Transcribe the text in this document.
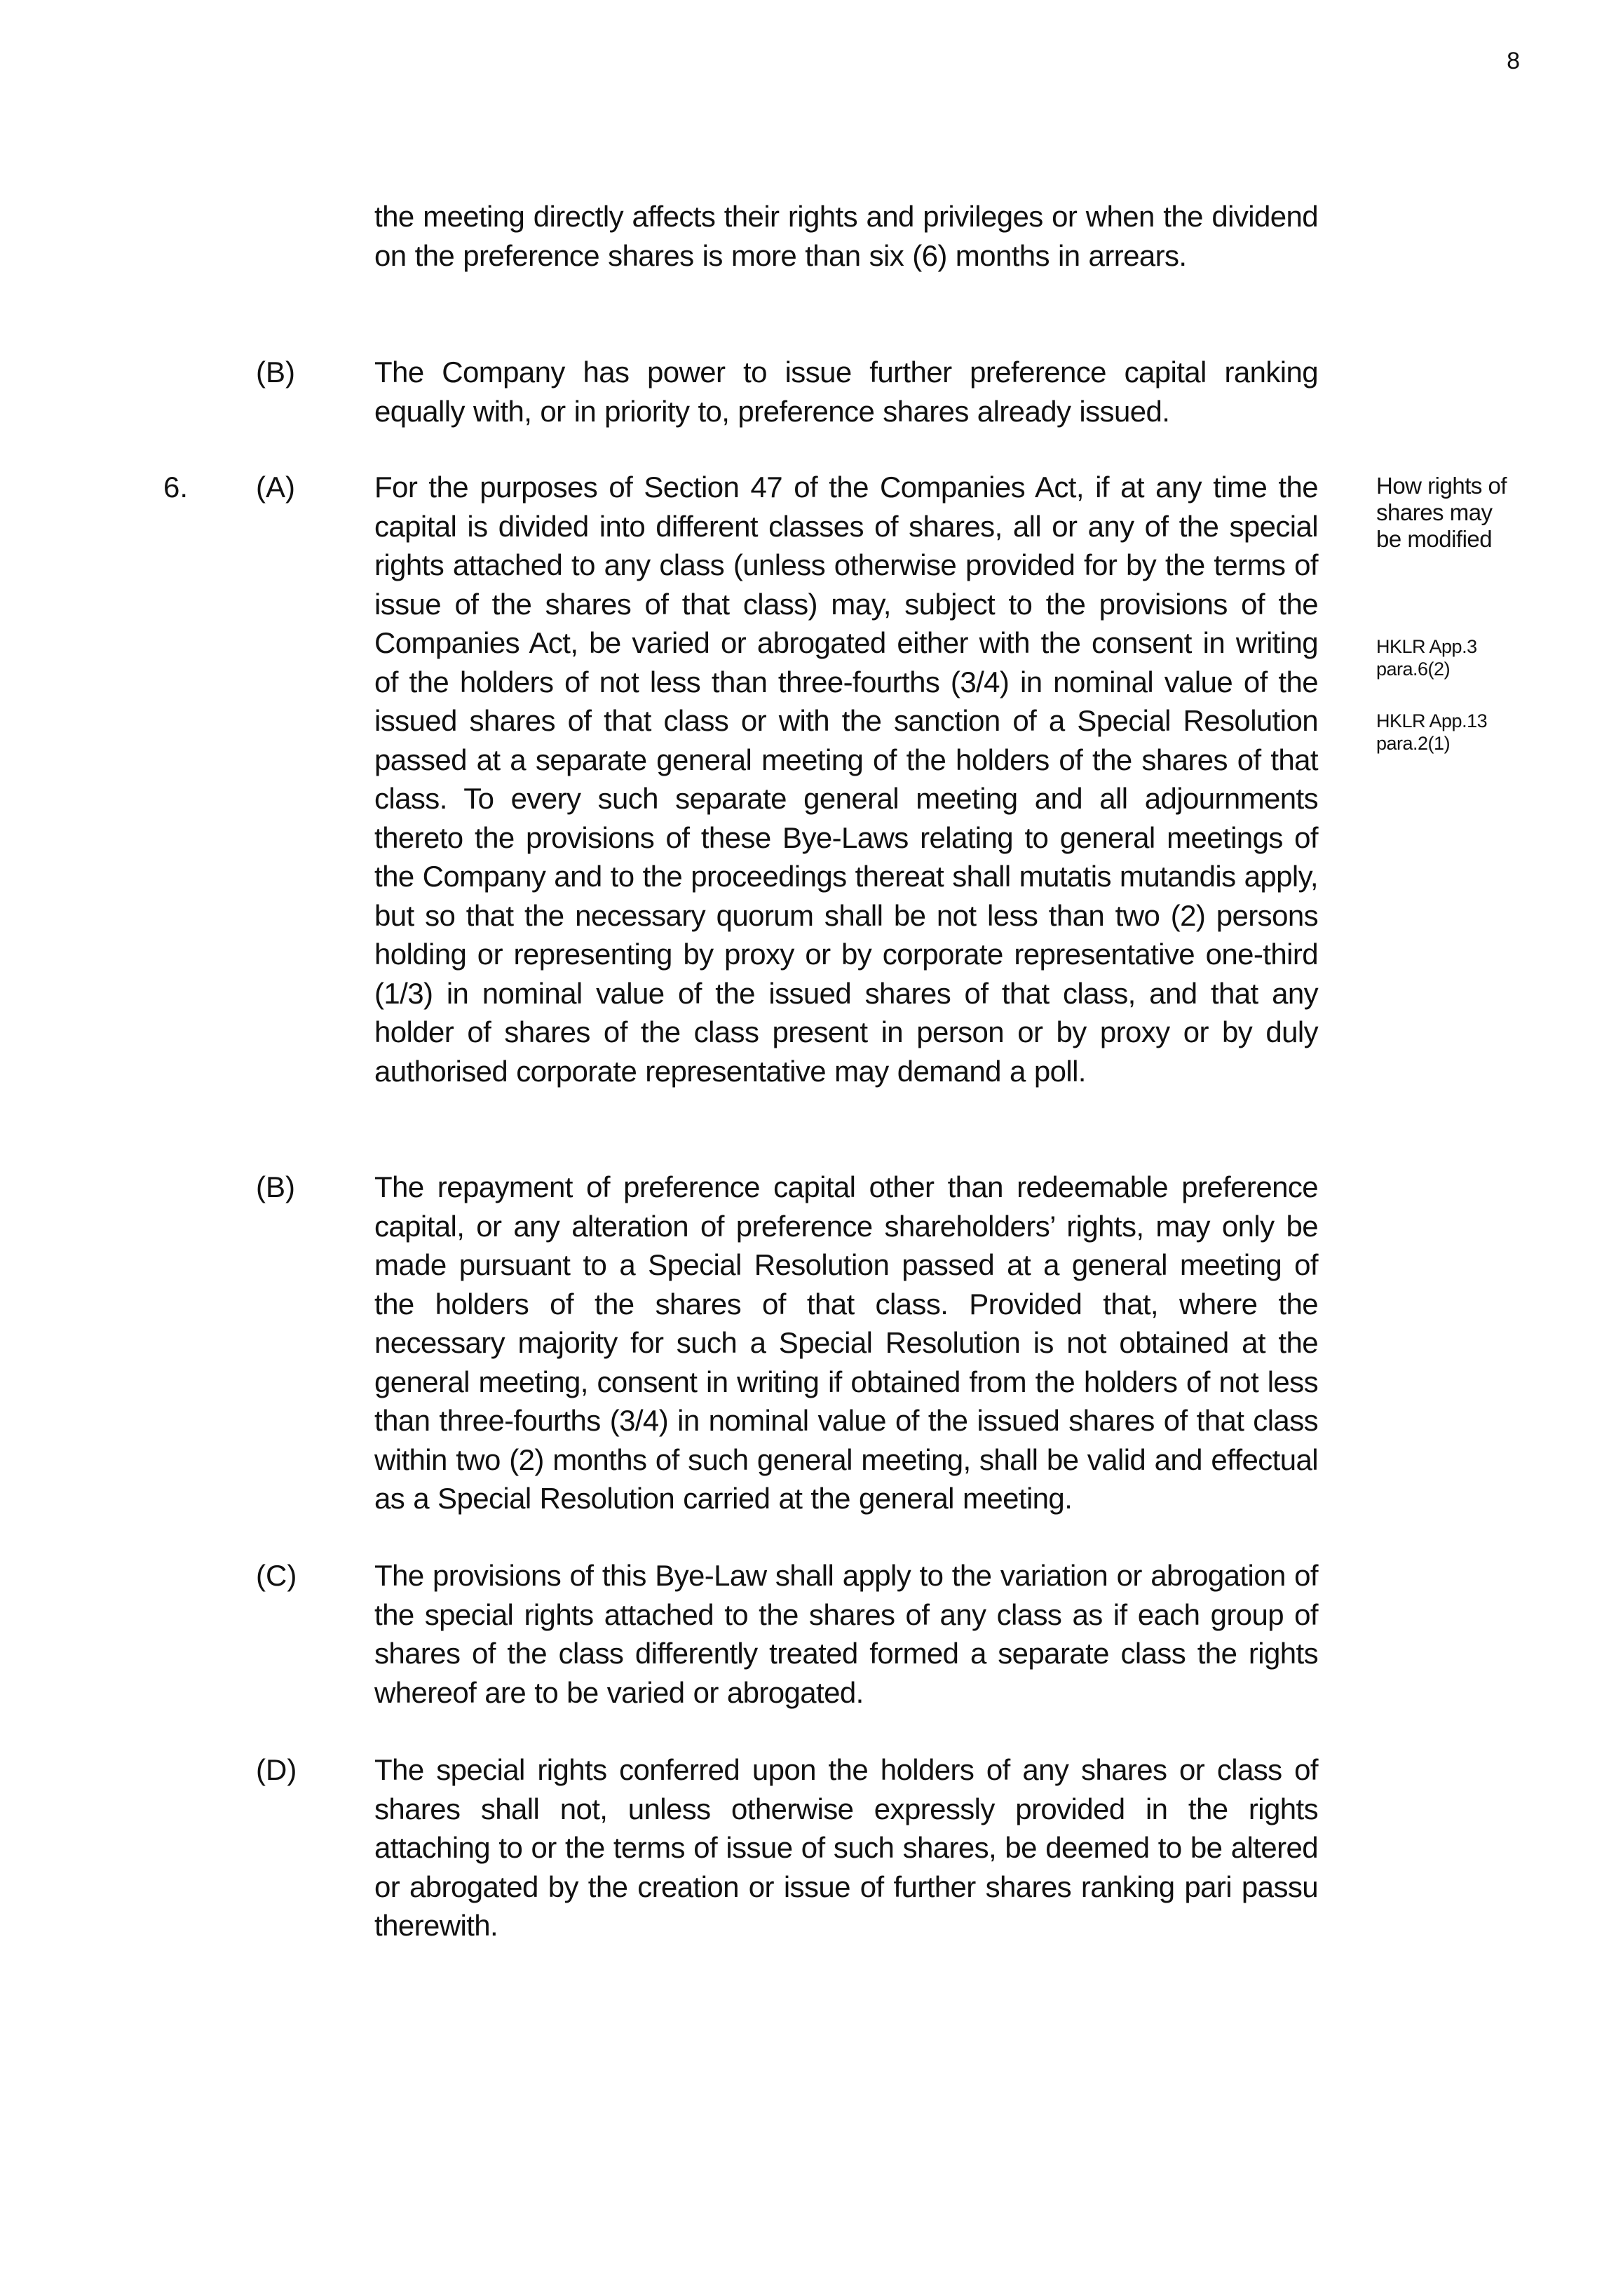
8
the meeting directly affects their rights and privileges or when the dividend on the preference shares is more than six (6) months in arrears.
(B)	The Company has power to issue further preference capital ranking equally with, or in priority to, preference shares already issued.
6. (A)	For the purposes of Section 47 of the Companies Act, if at any time the capital is divided into different classes of shares, all or any of the special rights attached to any class (unless otherwise provided for by the terms of issue of the shares of that class) may, subject to the provisions of the Companies Act, be varied or abrogated either with the consent in writing of the holders of not less than three-fourths (3/4) in nominal value of the issued shares of that class or with the sanction of a Special Resolution passed at a separate general meeting of the holders of the shares of that class. To every such separate general meeting and all adjournments thereto the provisions of these Bye-Laws relating to general meetings of the Company and to the proceedings thereat shall mutatis mutandis apply, but so that the necessary quorum shall be not less than two (2) persons holding or representing by proxy or by corporate representative one-third (1/3) in nominal value of the issued shares of that class, and that any holder of shares of the class present in person or by proxy or by duly authorised corporate representative may demand a poll.
How rights of shares may be modified
HKLR App.3 para.6(2)
HKLR App.13 para.2(1)
(B)	The repayment of preference capital other than redeemable preference capital, or any alteration of preference shareholders’ rights, may only be made pursuant to a Special Resolution passed at a general meeting of the holders of the shares of that class. Provided that, where the necessary majority for such a Special Resolution is not obtained at the general meeting, consent in writing if obtained from the holders of not less than three-fourths (3/4) in nominal value of the issued shares of that class within two (2) months of such general meeting, shall be valid and effectual as a Special Resolution carried at the general meeting.
(C)	The provisions of this Bye-Law shall apply to the variation or abrogation of the special rights attached to the shares of any class as if each group of shares of the class differently treated formed a separate class the rights whereof are to be varied or abrogated.
(D)	The special rights conferred upon the holders of any shares or class of shares shall not, unless otherwise expressly provided in the rights attaching to or the terms of issue of such shares, be deemed to be altered or abrogated by the creation or issue of further shares ranking pari passu therewith.
